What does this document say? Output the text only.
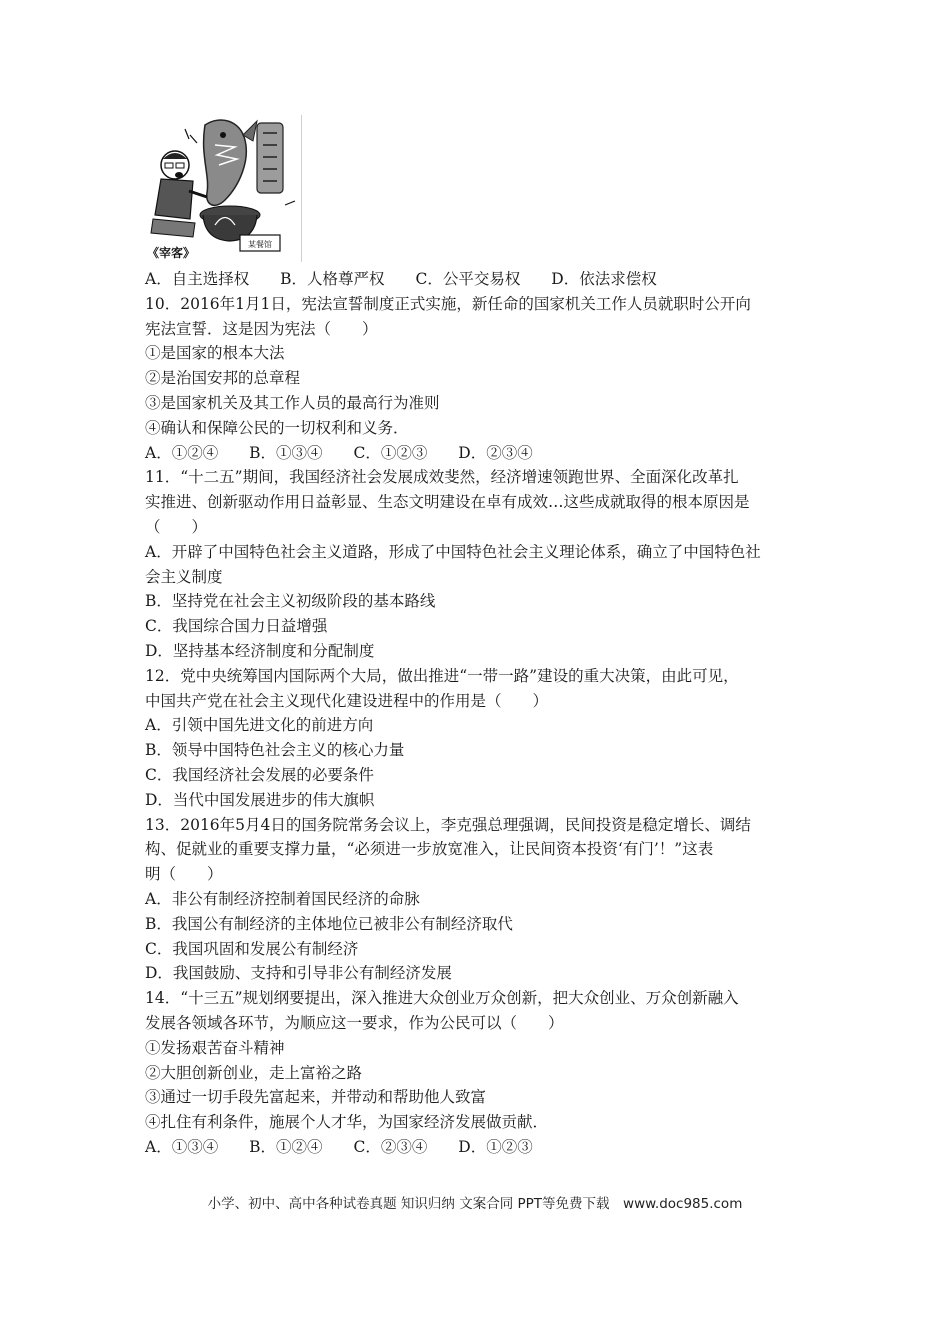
某餐馆
《宰客》
A．自主选择权 B．人格尊严权 C．公平交易权 D．依法求偿权
10．2016年1月1日，宪法宣誓制度正式实施，新任命的国家机关工作人员就职时公开向
宪法宣誓．这是因为宪法（　　）
①是国家的根本大法
②是治国安邦的总章程
③是国家机关及其工作人员的最高行为准则
④确认和保障公民的一切权利和义务．
A．①②④ B．①③④ C．①②③ D．②③④
11．“十二五”期间，我国经济社会发展成效斐然，经济增速领跑世界、全面深化改革扎
实推进、创新驱动作用日益彰显、生态文明建设在卓有成效…这些成就取得的根本原因是
（　　）
A．开辟了中国特色社会主义道路，形成了中国特色社会主义理论体系，确立了中国特色社
会主义制度
B．坚持党在社会主义初级阶段的基本路线
C．我国综合国力日益增强
D．坚持基本经济制度和分配制度
12．党中央统筹国内国际两个大局，做出推进“一带一路”建设的重大决策，由此可见，
中国共产党在社会主义现代化建设进程中的作用是（　　）
A．引领中国先进文化的前进方向
B．领导中国特色社会主义的核心力量
C．我国经济社会发展的必要条件
D．当代中国发展进步的伟大旗帜
13．2016年5月4日的国务院常务会议上，李克强总理强调，民间投资是稳定增长、调结
构、促就业的重要支撑力量，“必须进一步放宽准入，让民间资本投资‘有门’！”这表
明（　　）
A．非公有制经济控制着国民经济的命脉
B．我国公有制经济的主体地位已被非公有制经济取代
C．我国巩固和发展公有制经济
D．我国鼓励、支持和引导非公有制经济发展
14．“十三五”规划纲要提出，深入推进大众创业万众创新，把大众创业、万众创新融入
发展各领域各环节，为顺应这一要求，作为公民可以（　　）
①发扬艰苦奋斗精神
②大胆创新创业，走上富裕之路
③通过一切手段先富起来，并带动和帮助他人致富
④扎住有利条件，施展个人才华，为国家经济发展做贡献．
A．①③④ B．①②④ C．②③④ D．①②③
小学、初中、高中各种试卷真题 知识归纳 文案合同 PPT等免费下载　www.doc985.com
